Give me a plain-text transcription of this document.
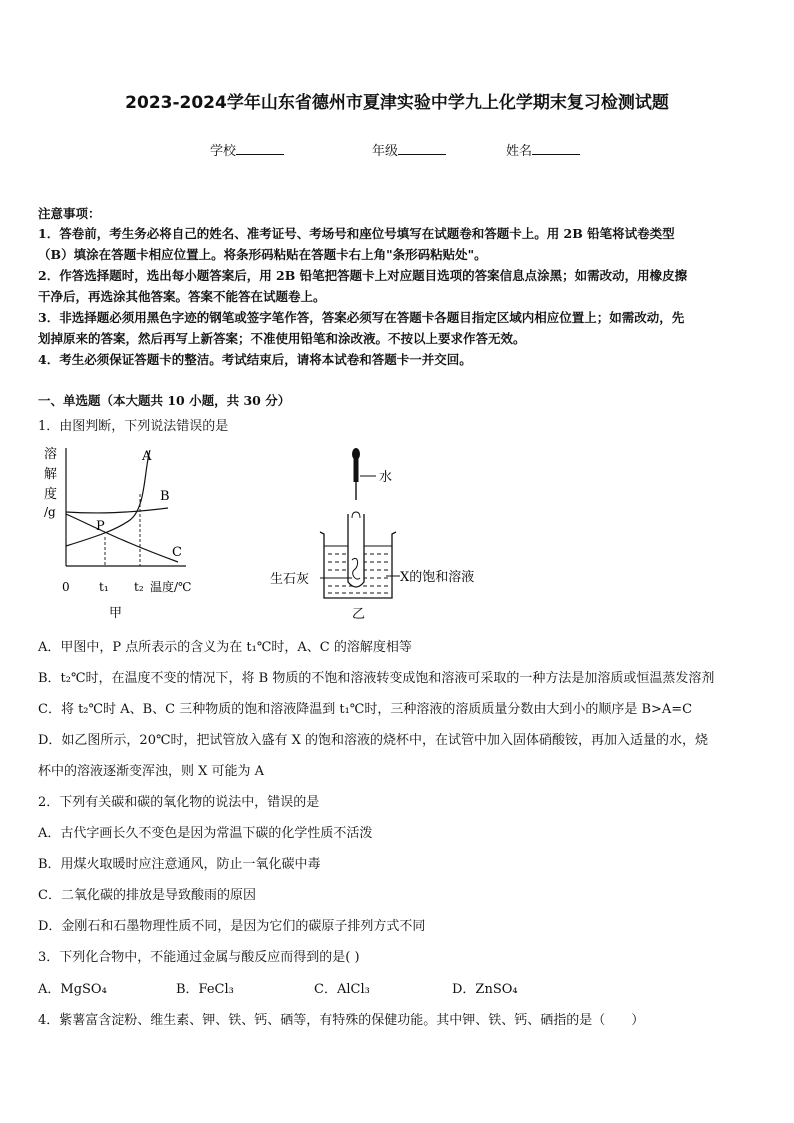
2023-2024学年山东省德州市夏津实验中学九上化学期末复习检测试题
学校	年级	姓名
注意事项：
1．答卷前，考生务必将自己的姓名、准考证号、考场号和座位号填写在试题卷和答题卡上。用 2B 铅笔将试卷类型
（B）填涂在答题卡相应位置上。将条形码粘贴在答题卡右上角"条形码粘贴处"。
2．作答选择题时，选出每小题答案后，用 2B 铅笔把答题卡上对应题目选项的答案信息点涂黑；如需改动，用橡皮擦
干净后，再选涂其他答案。答案不能答在试题卷上。
3．非选择题必须用黑色字迹的钢笔或签字笔作答，答案必须写在答题卡各题目指定区域内相应位置上；如需改动，先
划掉原来的答案，然后再写上新答案；不准使用铅笔和涂改液。不按以上要求作答无效。
4．考生必须保证答题卡的整洁。考试结束后，请将本试卷和答题卡一并交回。
一、单选题（本大题共 10 小题，共 30 分）
1．由图判断，下列说法错误的是
溶
解
度
/g
A
B
C
P
0 t₁ t₂ 温度/℃
甲
水
生石灰	X的饱和溶液
乙
A．甲图中，P 点所表示的含义为在 t₁℃时，A、C 的溶解度相等
B．t₂℃时，在温度不变的情况下，将 B 物质的不饱和溶液转变成饱和溶液可采取的一种方法是加溶质或恒温蒸发溶剂
C．将 t₂℃时 A、B、C 三种物质的饱和溶液降温到 t₁℃时，三种溶液的溶质质量分数由大到小的顺序是 B>A=C
D．如乙图所示，20℃时，把试管放入盛有 X 的饱和溶液的烧杯中，在试管中加入固体硝酸铵，再加入适量的水，烧
杯中的溶液逐渐变浑浊，则 X 可能为 A
2．下列有关碳和碳的氧化物的说法中，错误的是
A．古代字画长久不变色是因为常温下碳的化学性质不活泼
B．用煤火取暖时应注意通风，防止一氧化碳中毒
C．二氧化碳的排放是导致酸雨的原因
D．金刚石和石墨物理性质不同，是因为它们的碳原子排列方式不同
3．下列化合物中，不能通过金属与酸反应而得到的是( )
A．MgSO₄	B．FeCl₃	C．AlCl₃	D．ZnSO₄
4．紫薯富含淀粉、维生素、钾、铁、钙、硒等，有特殊的保健功能。其中钾、铁、钙、硒指的是（　　）
